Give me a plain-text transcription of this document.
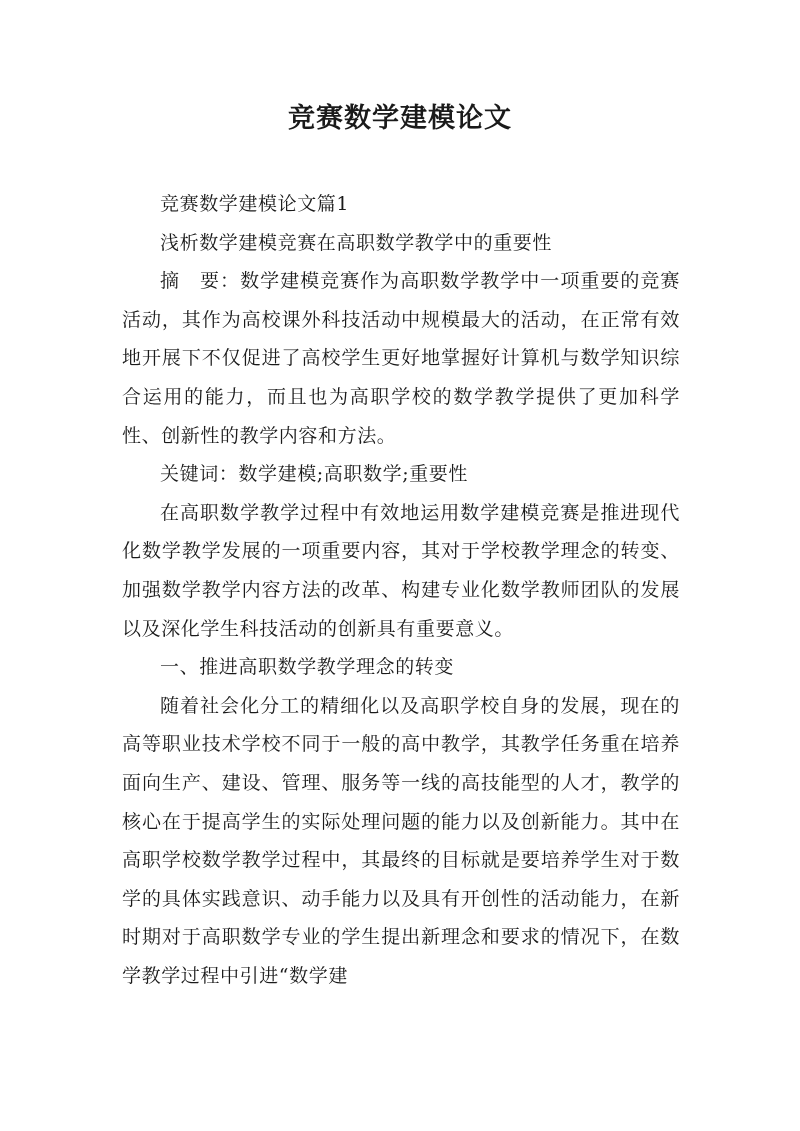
竞赛数学建模论文

竞赛数学建模论文篇1

浅析数学建模竞赛在高职数学教学中的重要性

摘　要：数学建模竞赛作为高职数学教学中一项重要的竞赛活动，其作为高校课外科技活动中规模最大的活动，在正常有效地开展下不仅促进了高校学生更好地掌握好计算机与数学知识综合运用的能力，而且也为高职学校的数学教学提供了更加科学性、创新性的教学内容和方法。

关键词：数学建模;高职数学;重要性

在高职数学教学过程中有效地运用数学建模竞赛是推进现代化数学教学发展的一项重要内容，其对于学校教学理念的转变、加强数学教学内容方法的改革、构建专业化数学教师团队的发展以及深化学生科技活动的创新具有重要意义。

一、推进高职数学教学理念的转变

随着社会化分工的精细化以及高职学校自身的发展，现在的高等职业技术学校不同于一般的高中教学，其教学任务重在培养面向生产、建设、管理、服务等一线的高技能型的人才，教学的核心在于提高学生的实际处理问题的能力以及创新能力。其中在高职学校数学教学过程中，其最终的目标就是要培养学生对于数学的具体实践意识、动手能力以及具有开创性的活动能力，在新时期对于高职数学专业的学生提出新理念和要求的情况下，在数学教学过程中引进“数学建
